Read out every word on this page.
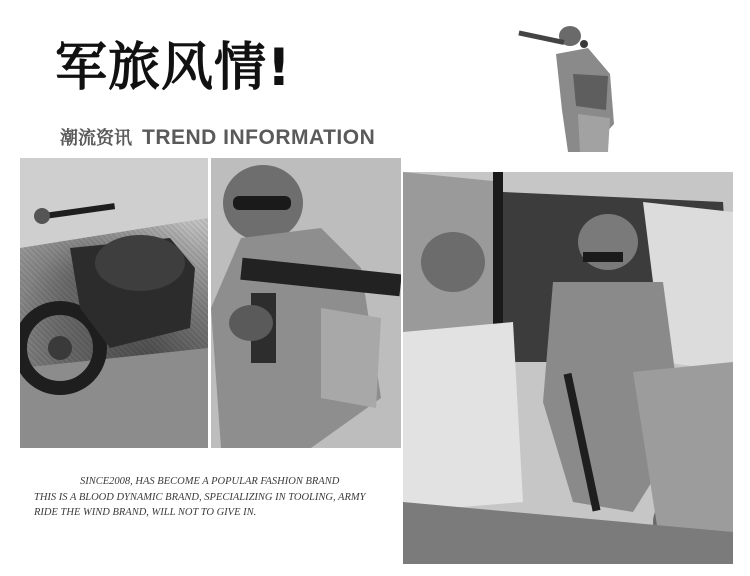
军旅风情!
潮流资讯 TREND INFORMATION
SINCE2008, HAS BECOME A POPULAR FASHION BRAND
THIS IS A BLOOD DYNAMIC BRAND, SPECIALIZING IN TOOLING, ARMY
RIDE THE WIND BRAND, WILL NOT TO GIVE IN.
